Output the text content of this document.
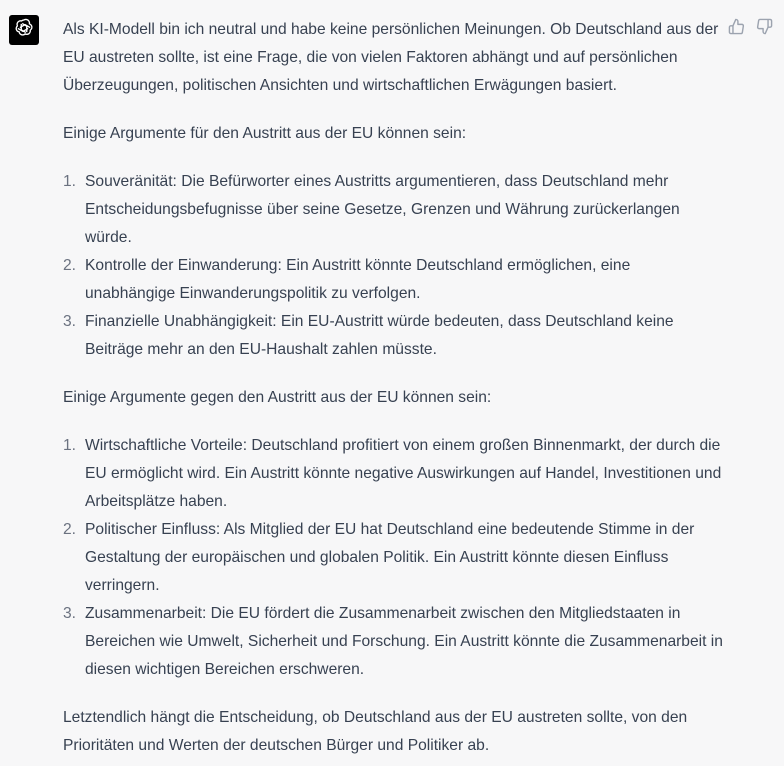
Als KI-Modell bin ich neutral und habe keine persönlichen Meinungen. Ob Deutschland aus der EU austreten sollte, ist eine Frage, die von vielen Faktoren abhängt und auf persönlichen Überzeugungen, politischen Ansichten und wirtschaftlichen Erwägungen basiert.

Einige Argumente für den Austritt aus der EU können sein:

1. Souveränität: Die Befürworter eines Austritts argumentieren, dass Deutschland mehr Entscheidungsbefugnisse über seine Gesetze, Grenzen und Währung zurückerlangen würde.
2. Kontrolle der Einwanderung: Ein Austritt könnte Deutschland ermöglichen, eine unabhängige Einwanderungspolitik zu verfolgen.
3. Finanzielle Unabhängigkeit: Ein EU-Austritt würde bedeuten, dass Deutschland keine Beiträge mehr an den EU-Haushalt zahlen müsste.

Einige Argumente gegen den Austritt aus der EU können sein:

1. Wirtschaftliche Vorteile: Deutschland profitiert von einem großen Binnenmarkt, der durch die EU ermöglicht wird. Ein Austritt könnte negative Auswirkungen auf Handel, Investitionen und Arbeitsplätze haben.
2. Politischer Einfluss: Als Mitglied der EU hat Deutschland eine bedeutende Stimme in der Gestaltung der europäischen und globalen Politik. Ein Austritt könnte diesen Einfluss verringern.
3. Zusammenarbeit: Die EU fördert die Zusammenarbeit zwischen den Mitgliedstaaten in Bereichen wie Umwelt, Sicherheit und Forschung. Ein Austritt könnte die Zusammenarbeit in diesen wichtigen Bereichen erschweren.

Letztendlich hängt die Entscheidung, ob Deutschland aus der EU austreten sollte, von den Prioritäten und Werten der deutschen Bürger und Politiker ab.
